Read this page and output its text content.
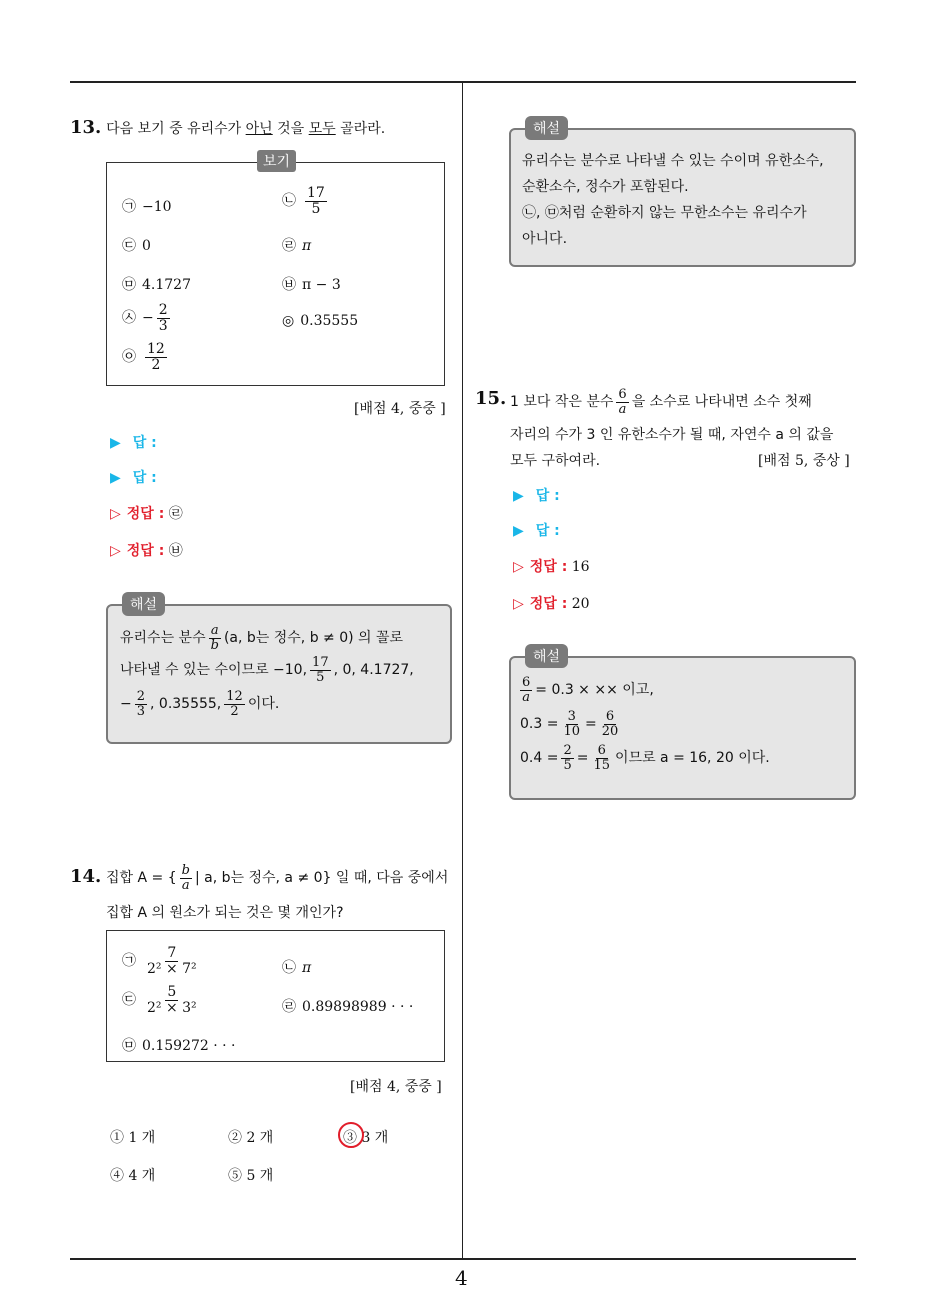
4
13. 다음 보기 중 유리수가 아닌 것을 모두 골라라.
보기
㉠ −10	㉡ $\frac{17}{5}$
㉢ 0	㉣ π
㉤ 4.1727	㉥ π − 3
㉦ − $\frac{2}{3}$	◎ 0.35555
㉧ $\frac{12}{2}$
[배점 4, 중중 ]
▶ 답 :
▶ 답 :
▷ 정답 : ㉣
▷ 정답 : ㉥
해설
유리수는 분수 $\frac{a}{b} (a$, b는 정수, b ≠ 0) 의 꼴로
나타낼 수 있는 수이므로 −10, $\frac{17}{5}$ , 0, 4.1727,
− $\frac{2}{3}$ , 0.35555, $\frac{12}{2}$ 이다.
14. 집합 A = { $\frac{b}{a}$ | a, b는 정수, a ≠ 0} 일 때, 다음 중에서
집합 A 의 원소가 되는 것은 몇 개인가?
㉠ $\frac{7}{\text{2² × 7²}}$	㉡ π
㉢ $\frac{5}{\text{2² × 3²}}$	㉣ 0.89898989 · · ·
㉤ 0.159272 · · ·
[배점 4, 중중 ]
① 1 개	② 2 개	③ 3 개
④ 4 개	⑤ 5 개
해설
유리수는 분수로 나타낼 수 있는 수이며 유한소수,
순환소수, 정수가 포함된다.
㉡, ㉤처럼 순환하지 않는 무한소수는 유리수가
아니다.
15. 1 보다 작은 분수 $\frac{6}{a}$ 을 소수로 나타내면 소수 첫째
자리의 수가 3 인 유한소수가 될 때, 자연수 a 의 값을
모두 구하여라.	[배점 5, 중상 ]
▶ 답 :
▶ 답 :
▷ 정답 : 16
▷ 정답 : 20
해설
$\frac{6}{a} = 0.3$ × ×× 이고,
$0.3 = \frac{3}{10} = \frac{6}{20}$
$0.4 = \frac{2}{5} = \frac{6}{15}$ 이므로 a = 16, 20 이다.
